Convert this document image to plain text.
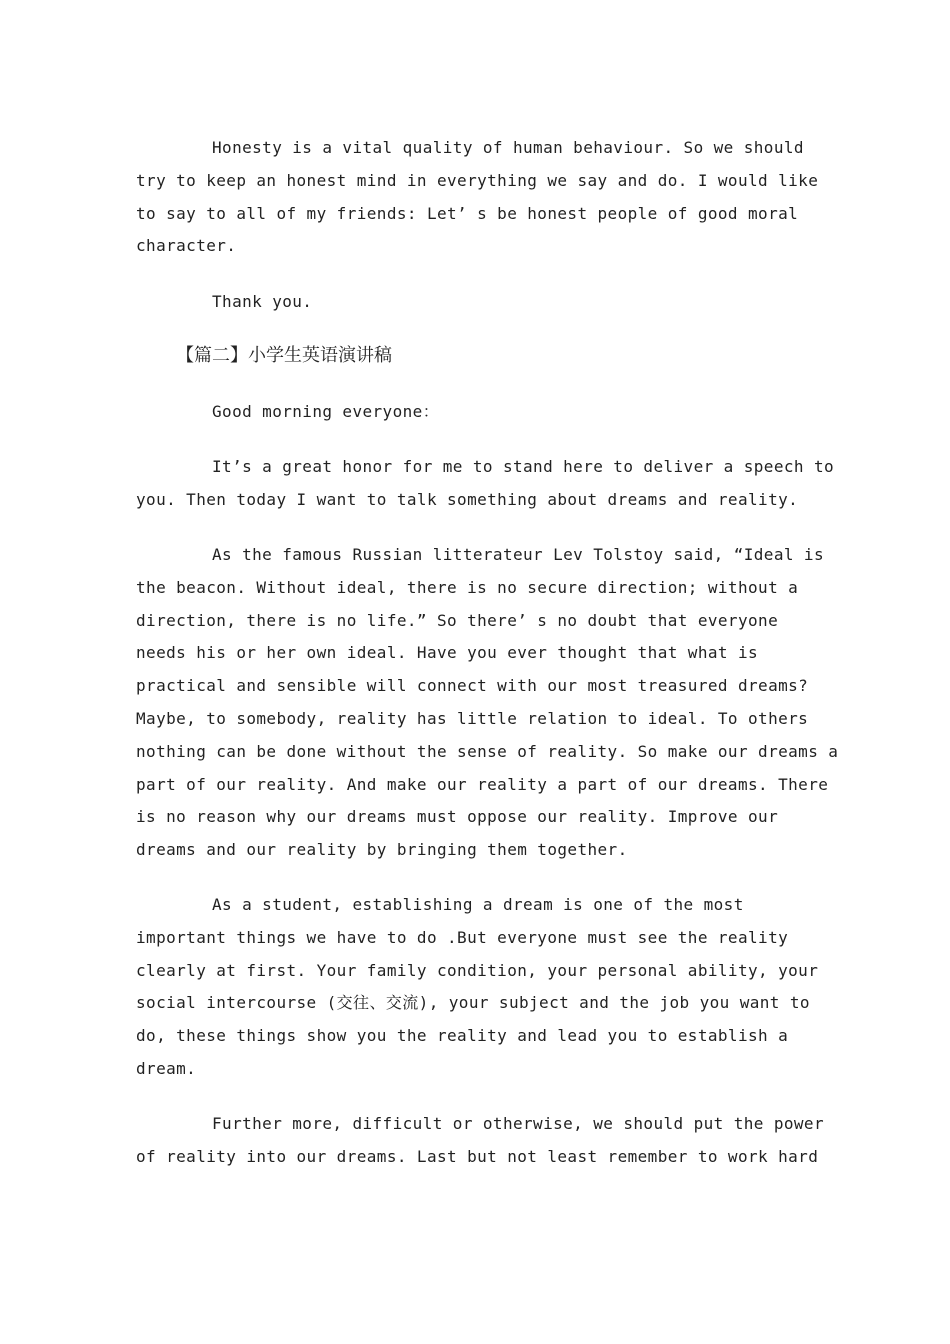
Honesty is a vital quality of human behaviour. So we should
try to keep an honest mind in everything we say and do. I would like
to say to all of my friends: Let’ s be honest people of good moral
character.
Thank you.
【篇二】小学生英语演讲稿
Good morning everyone：
It’s a great honor for me to stand here to deliver a speech to
you. Then today I want to talk something about dreams and reality.
As the famous Russian litterateur Lev Tolstoy said, “Ideal is
the beacon. Without ideal, there is no secure direction; without a
direction, there is no life.” So there’ s no doubt that everyone
needs his or her own ideal. Have you ever thought that what is
practical and sensible will connect with our most treasured dreams?
Maybe, to somebody, reality has little relation to ideal. To others
nothing can be done without the sense of reality. So make our dreams a
part of our reality. And make our reality a part of our dreams. There
is no reason why our dreams must oppose our reality. Improve our
dreams and our reality by bringing them together.
As a student, establishing a dream is one of the most
important things we have to do .But everyone must see the reality
clearly at first. Your family condition, your personal ability, your
social intercourse (交往、交流), your subject and the job you want to
do, these things show you the reality and lead you to establish a
dream.
Further more, difficult or otherwise, we should put the power
of reality into our dreams. Last but not least remember to work hard
